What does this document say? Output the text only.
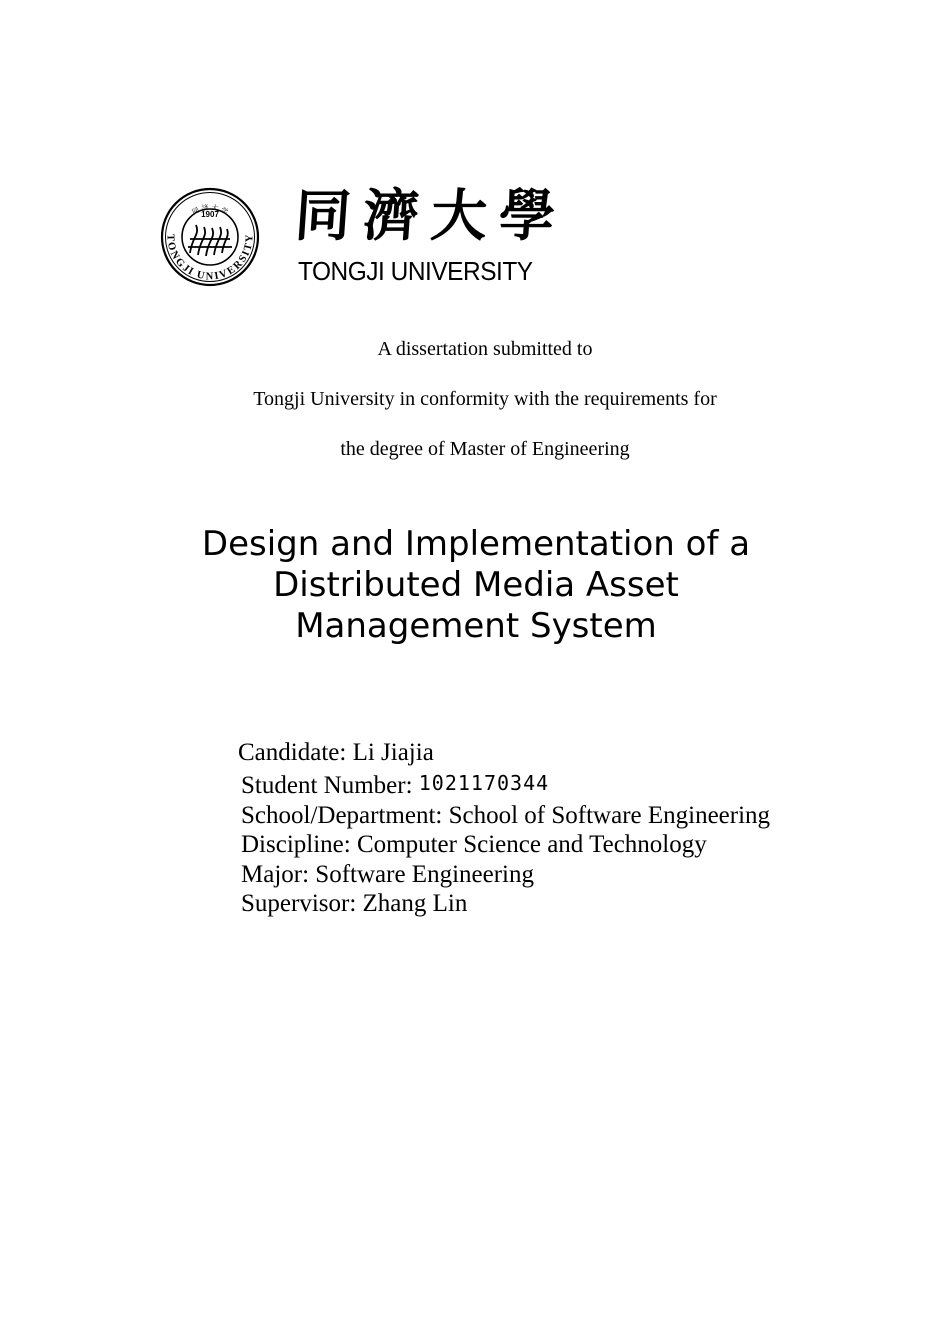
TONGJI UNIVERSITY
1907
同 济 大 学 同濟大學
TONGJI UNIVERSITY
A dissertation submitted to
Tongji University in conformity with the requirements for
the degree of Master of Engineering
Design and Implementation of a
Distributed Media Asset
Management System
Candidate: Li Jiajia
Student Number: 1021170344
School/Department: School of Software Engineering
Discipline: Computer Science and Technology
Major: Software Engineering
Supervisor: Zhang Lin
